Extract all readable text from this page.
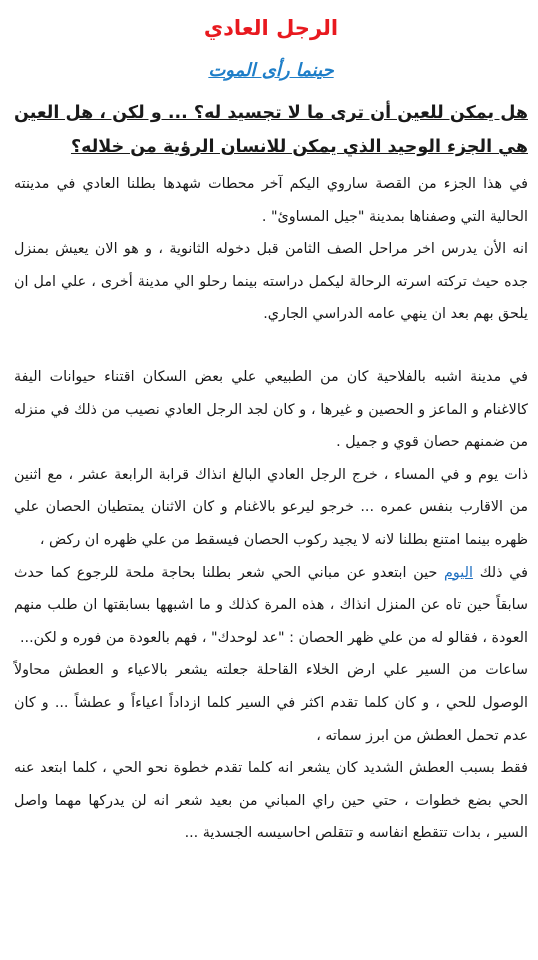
الرجل العادي
حينما رأى الموت

هل يمكن للعين أن ترى ما لا تجسيد له؟ ... و لكن ، هل العين هي الجزء الوحيد الذي يمكن للانسان الرؤية من خلاله؟

في هذا الجزء من القصة ساروي اليكم آخر محطات شهدها بطلنا العادي في مدينته الحالية التي وصفناها بمدينة "جيل المساوئ" .

انه الأن يدرس اخر مراحل الصف الثامن قبل دخوله الثانوية ، و هو الان يعيش بمنزل جده حيث تركته اسرته الرحالة ليكمل دراسته بينما رحلو الي مدينة أخرى ، علي امل ان يلحق بهم بعد ان ينهي عامه الدراسي الجاري.

في مدينة اشبه بالفلاحية كان من الطبيعي علي بعض السكان اقتناء حيوانات اليفة كالاغنام و الماعز و الحصين و غيرها ، و كان لجد الرجل العادي نصيب من ذلك في منزله من ضمنهم حصان قوي و جميل .

ذات يوم و في المساء ، خرج الرجل العادي البالغ انذاك قرابة الرابعة عشر ، مع اثنين من الاقارب بنفس عمره ... خرجو ليرعو بالاغنام و كان الاثنان يمتطيان الحصان علي ظهره بينما امتنع بطلنا لانه لا يجيد ركوب الحصان فيسقط من علي ظهره ان ركض ،

في ذلك اليوم حين ابتعدو عن مباني الحي شعر بطلنا بحاجة ملحة للرجوع كما حدث سابقاً حين تاه عن المنزل انذاك ، هذه المرة كذلك و ما اشبهها بسابقتها ان طلب منهم العودة ، فقالو له من علي ظهر الحصان : "عد لوحدك" ، فهم بالعودة من فوره و لكن...

ساعات من السير علي ارض الخلاء القاحلة جعلته يشعر بالاعياء و العطش محاولاً الوصول للحي ، و كان كلما تقدم اكثر في السير كلما ازداداً اعياءاً و عطشاً ... و كان عدم تحمل العطش من ابرز سماته ،

فقط بسبب العطش الشديد كان يشعر انه كلما تقدم خطوة نحو الحي ، كلما ابتعد عنه الحي بضع خطوات ، حتي حين راي المباني من بعيد شعر انه لن يدركها مهما واصل السير ، بدات تتقطع انفاسه و تتقلص احاسيسه الجسدية ...
